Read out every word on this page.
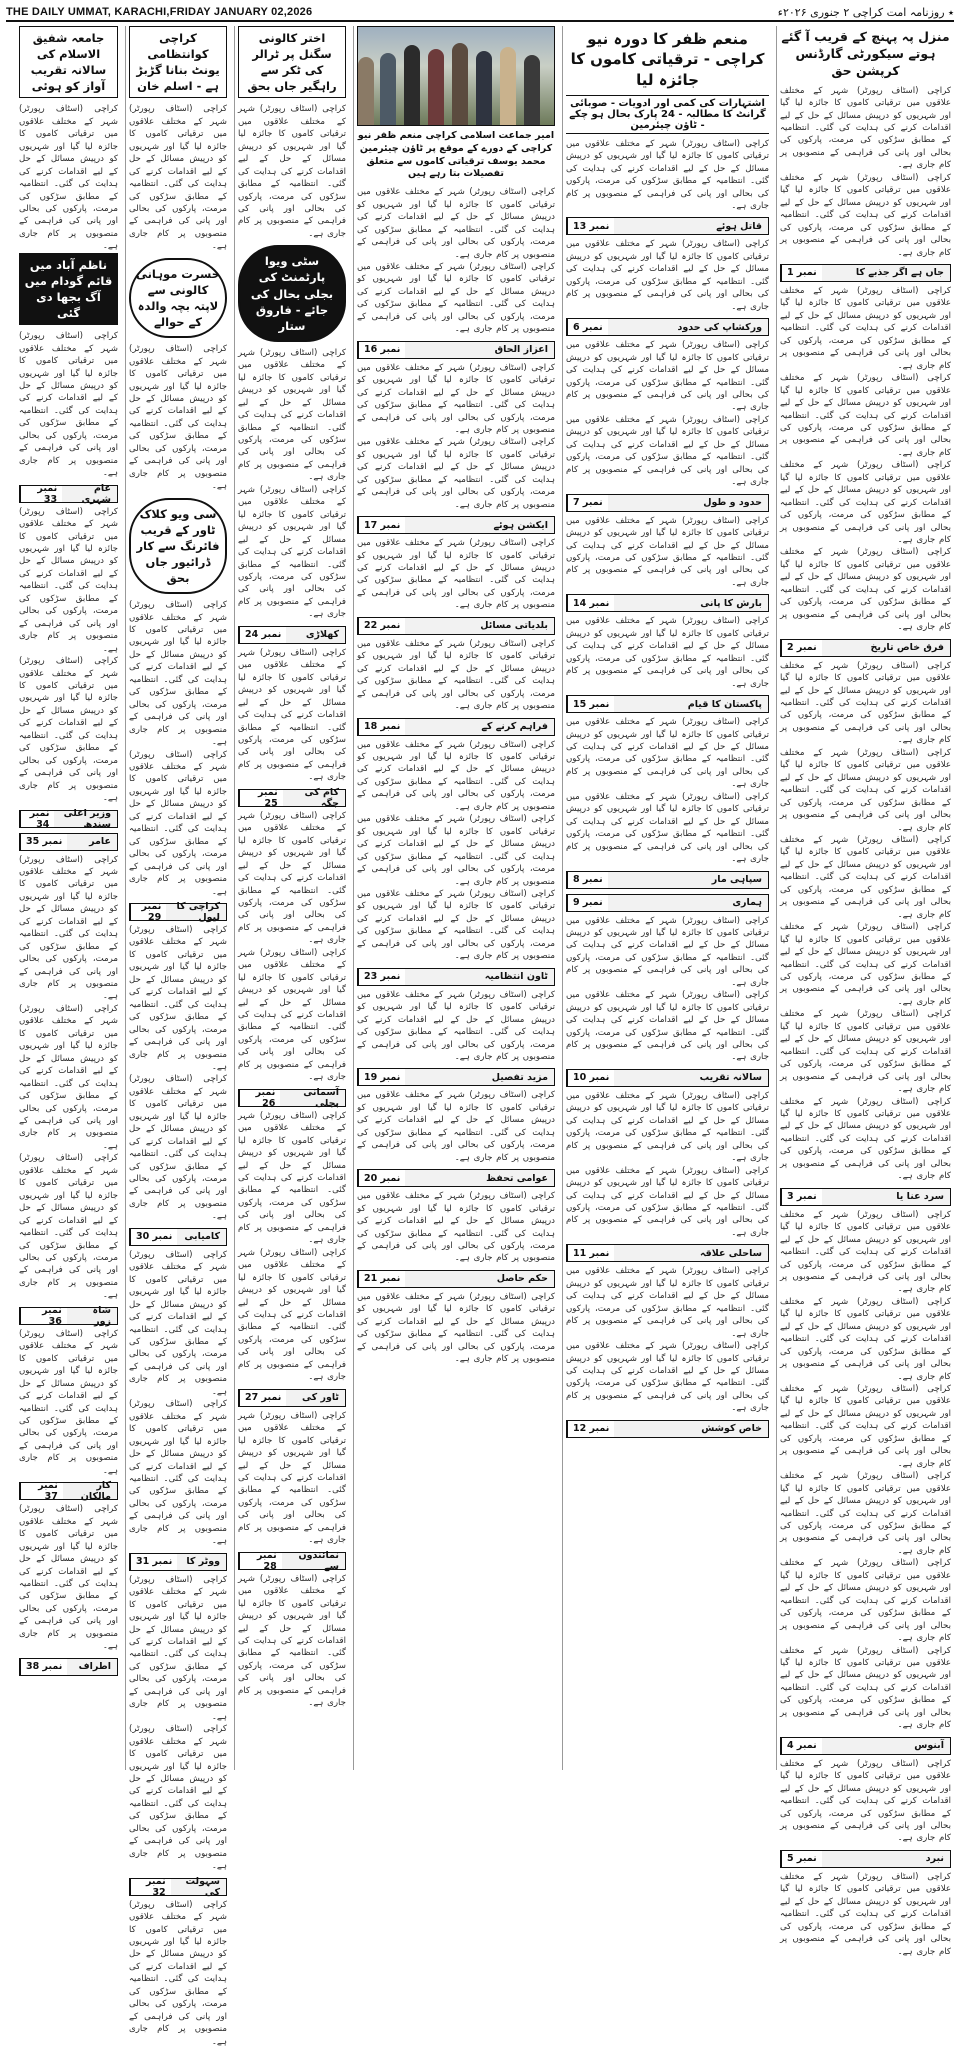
THE DAILY UMMAT, KARACHI,FRIDAY JANUARY 02,2026	٭ روزنامہ امت کراچی ۲ جنوری ۲۰۲۶ء
منزل پہ پہنچ کے قریب آ گئے ہوتے سیکورٹی گارڈنس کرپشن حق
کراچی (اسٹاف رپورٹر) شہر کے مختلف علاقوں میں ترقیاتی کاموں کا جائزہ لیا گیا اور شہریوں کو درپیش مسائل کے حل کے لیے اقدامات کرنے کی ہدایت کی گئی۔ انتظامیہ کے مطابق سڑکوں کی مرمت، پارکوں کی بحالی اور پانی کی فراہمی کے منصوبوں پر کام جاری ہے۔
کراچی (اسٹاف رپورٹر) شہر کے مختلف علاقوں میں ترقیاتی کاموں کا جائزہ لیا گیا اور شہریوں کو درپیش مسائل کے حل کے لیے اقدامات کرنے کی ہدایت کی گئی۔ انتظامیہ کے مطابق سڑکوں کی مرمت، پارکوں کی بحالی اور پانی کی فراہمی کے منصوبوں پر کام جاری ہے۔
نمبر 1	جاں ہے اگر جذبے کا
کراچی (اسٹاف رپورٹر) شہر کے مختلف علاقوں میں ترقیاتی کاموں کا جائزہ لیا گیا اور شہریوں کو درپیش مسائل کے حل کے لیے اقدامات کرنے کی ہدایت کی گئی۔ انتظامیہ کے مطابق سڑکوں کی مرمت، پارکوں کی بحالی اور پانی کی فراہمی کے منصوبوں پر کام جاری ہے۔
کراچی (اسٹاف رپورٹر) شہر کے مختلف علاقوں میں ترقیاتی کاموں کا جائزہ لیا گیا اور شہریوں کو درپیش مسائل کے حل کے لیے اقدامات کرنے کی ہدایت کی گئی۔ انتظامیہ کے مطابق سڑکوں کی مرمت، پارکوں کی بحالی اور پانی کی فراہمی کے منصوبوں پر کام جاری ہے۔
کراچی (اسٹاف رپورٹر) شہر کے مختلف علاقوں میں ترقیاتی کاموں کا جائزہ لیا گیا اور شہریوں کو درپیش مسائل کے حل کے لیے اقدامات کرنے کی ہدایت کی گئی۔ انتظامیہ کے مطابق سڑکوں کی مرمت، پارکوں کی بحالی اور پانی کی فراہمی کے منصوبوں پر کام جاری ہے۔
کراچی (اسٹاف رپورٹر) شہر کے مختلف علاقوں میں ترقیاتی کاموں کا جائزہ لیا گیا اور شہریوں کو درپیش مسائل کے حل کے لیے اقدامات کرنے کی ہدایت کی گئی۔ انتظامیہ کے مطابق سڑکوں کی مرمت، پارکوں کی بحالی اور پانی کی فراہمی کے منصوبوں پر کام جاری ہے۔
نمبر 2	فرق خاص تاریخ
کراچی (اسٹاف رپورٹر) شہر کے مختلف علاقوں میں ترقیاتی کاموں کا جائزہ لیا گیا اور شہریوں کو درپیش مسائل کے حل کے لیے اقدامات کرنے کی ہدایت کی گئی۔ انتظامیہ کے مطابق سڑکوں کی مرمت، پارکوں کی بحالی اور پانی کی فراہمی کے منصوبوں پر کام جاری ہے۔
کراچی (اسٹاف رپورٹر) شہر کے مختلف علاقوں میں ترقیاتی کاموں کا جائزہ لیا گیا اور شہریوں کو درپیش مسائل کے حل کے لیے اقدامات کرنے کی ہدایت کی گئی۔ انتظامیہ کے مطابق سڑکوں کی مرمت، پارکوں کی بحالی اور پانی کی فراہمی کے منصوبوں پر کام جاری ہے۔
کراچی (اسٹاف رپورٹر) شہر کے مختلف علاقوں میں ترقیاتی کاموں کا جائزہ لیا گیا اور شہریوں کو درپیش مسائل کے حل کے لیے اقدامات کرنے کی ہدایت کی گئی۔ انتظامیہ کے مطابق سڑکوں کی مرمت، پارکوں کی بحالی اور پانی کی فراہمی کے منصوبوں پر کام جاری ہے۔
کراچی (اسٹاف رپورٹر) شہر کے مختلف علاقوں میں ترقیاتی کاموں کا جائزہ لیا گیا اور شہریوں کو درپیش مسائل کے حل کے لیے اقدامات کرنے کی ہدایت کی گئی۔ انتظامیہ کے مطابق سڑکوں کی مرمت، پارکوں کی بحالی اور پانی کی فراہمی کے منصوبوں پر کام جاری ہے۔
کراچی (اسٹاف رپورٹر) شہر کے مختلف علاقوں میں ترقیاتی کاموں کا جائزہ لیا گیا اور شہریوں کو درپیش مسائل کے حل کے لیے اقدامات کرنے کی ہدایت کی گئی۔ انتظامیہ کے مطابق سڑکوں کی مرمت، پارکوں کی بحالی اور پانی کی فراہمی کے منصوبوں پر کام جاری ہے۔
کراچی (اسٹاف رپورٹر) شہر کے مختلف علاقوں میں ترقیاتی کاموں کا جائزہ لیا گیا اور شہریوں کو درپیش مسائل کے حل کے لیے اقدامات کرنے کی ہدایت کی گئی۔ انتظامیہ کے مطابق سڑکوں کی مرمت، پارکوں کی بحالی اور پانی کی فراہمی کے منصوبوں پر کام جاری ہے۔
نمبر 3	سرد عنا یا
کراچی (اسٹاف رپورٹر) شہر کے مختلف علاقوں میں ترقیاتی کاموں کا جائزہ لیا گیا اور شہریوں کو درپیش مسائل کے حل کے لیے اقدامات کرنے کی ہدایت کی گئی۔ انتظامیہ کے مطابق سڑکوں کی مرمت، پارکوں کی بحالی اور پانی کی فراہمی کے منصوبوں پر کام جاری ہے۔
کراچی (اسٹاف رپورٹر) شہر کے مختلف علاقوں میں ترقیاتی کاموں کا جائزہ لیا گیا اور شہریوں کو درپیش مسائل کے حل کے لیے اقدامات کرنے کی ہدایت کی گئی۔ انتظامیہ کے مطابق سڑکوں کی مرمت، پارکوں کی بحالی اور پانی کی فراہمی کے منصوبوں پر کام جاری ہے۔
کراچی (اسٹاف رپورٹر) شہر کے مختلف علاقوں میں ترقیاتی کاموں کا جائزہ لیا گیا اور شہریوں کو درپیش مسائل کے حل کے لیے اقدامات کرنے کی ہدایت کی گئی۔ انتظامیہ کے مطابق سڑکوں کی مرمت، پارکوں کی بحالی اور پانی کی فراہمی کے منصوبوں پر کام جاری ہے۔
کراچی (اسٹاف رپورٹر) شہر کے مختلف علاقوں میں ترقیاتی کاموں کا جائزہ لیا گیا اور شہریوں کو درپیش مسائل کے حل کے لیے اقدامات کرنے کی ہدایت کی گئی۔ انتظامیہ کے مطابق سڑکوں کی مرمت، پارکوں کی بحالی اور پانی کی فراہمی کے منصوبوں پر کام جاری ہے۔
کراچی (اسٹاف رپورٹر) شہر کے مختلف علاقوں میں ترقیاتی کاموں کا جائزہ لیا گیا اور شہریوں کو درپیش مسائل کے حل کے لیے اقدامات کرنے کی ہدایت کی گئی۔ انتظامیہ کے مطابق سڑکوں کی مرمت، پارکوں کی بحالی اور پانی کی فراہمی کے منصوبوں پر کام جاری ہے۔
کراچی (اسٹاف رپورٹر) شہر کے مختلف علاقوں میں ترقیاتی کاموں کا جائزہ لیا گیا اور شہریوں کو درپیش مسائل کے حل کے لیے اقدامات کرنے کی ہدایت کی گئی۔ انتظامیہ کے مطابق سڑکوں کی مرمت، پارکوں کی بحالی اور پانی کی فراہمی کے منصوبوں پر کام جاری ہے۔
نمبر 4	آبنوس
کراچی (اسٹاف رپورٹر) شہر کے مختلف علاقوں میں ترقیاتی کاموں کا جائزہ لیا گیا اور شہریوں کو درپیش مسائل کے حل کے لیے اقدامات کرنے کی ہدایت کی گئی۔ انتظامیہ کے مطابق سڑکوں کی مرمت، پارکوں کی بحالی اور پانی کی فراہمی کے منصوبوں پر کام جاری ہے۔
نمبر 5	نبرد
کراچی (اسٹاف رپورٹر) شہر کے مختلف علاقوں میں ترقیاتی کاموں کا جائزہ لیا گیا اور شہریوں کو درپیش مسائل کے حل کے لیے اقدامات کرنے کی ہدایت کی گئی۔ انتظامیہ کے مطابق سڑکوں کی مرمت، پارکوں کی بحالی اور پانی کی فراہمی کے منصوبوں پر کام جاری ہے۔
منعم ظفر کا دورہ نیو کراچی - ترقیاتی کاموں کا جائزہ لیا
اشتہارات کی کمی اور ادویات - صوبائی گرانٹ کا مطالبہ - 24 پارک بحال ہو چکے - ٹاؤن چیئرمین
کراچی (اسٹاف رپورٹر) شہر کے مختلف علاقوں میں ترقیاتی کاموں کا جائزہ لیا گیا اور شہریوں کو درپیش مسائل کے حل کے لیے اقدامات کرنے کی ہدایت کی گئی۔ انتظامیہ کے مطابق سڑکوں کی مرمت، پارکوں کی بحالی اور پانی کی فراہمی کے منصوبوں پر کام جاری ہے۔
نمبر 13	قاتل ہوئے
کراچی (اسٹاف رپورٹر) شہر کے مختلف علاقوں میں ترقیاتی کاموں کا جائزہ لیا گیا اور شہریوں کو درپیش مسائل کے حل کے لیے اقدامات کرنے کی ہدایت کی گئی۔ انتظامیہ کے مطابق سڑکوں کی مرمت، پارکوں کی بحالی اور پانی کی فراہمی کے منصوبوں پر کام جاری ہے۔
نمبر 6	ورکشاپ کی حدود
کراچی (اسٹاف رپورٹر) شہر کے مختلف علاقوں میں ترقیاتی کاموں کا جائزہ لیا گیا اور شہریوں کو درپیش مسائل کے حل کے لیے اقدامات کرنے کی ہدایت کی گئی۔ انتظامیہ کے مطابق سڑکوں کی مرمت، پارکوں کی بحالی اور پانی کی فراہمی کے منصوبوں پر کام جاری ہے۔
کراچی (اسٹاف رپورٹر) شہر کے مختلف علاقوں میں ترقیاتی کاموں کا جائزہ لیا گیا اور شہریوں کو درپیش مسائل کے حل کے لیے اقدامات کرنے کی ہدایت کی گئی۔ انتظامیہ کے مطابق سڑکوں کی مرمت، پارکوں کی بحالی اور پانی کی فراہمی کے منصوبوں پر کام جاری ہے۔
نمبر 7	حدود و طول
کراچی (اسٹاف رپورٹر) شہر کے مختلف علاقوں میں ترقیاتی کاموں کا جائزہ لیا گیا اور شہریوں کو درپیش مسائل کے حل کے لیے اقدامات کرنے کی ہدایت کی گئی۔ انتظامیہ کے مطابق سڑکوں کی مرمت، پارکوں کی بحالی اور پانی کی فراہمی کے منصوبوں پر کام جاری ہے۔
نمبر 14	بارش کا پانی
کراچی (اسٹاف رپورٹر) شہر کے مختلف علاقوں میں ترقیاتی کاموں کا جائزہ لیا گیا اور شہریوں کو درپیش مسائل کے حل کے لیے اقدامات کرنے کی ہدایت کی گئی۔ انتظامیہ کے مطابق سڑکوں کی مرمت، پارکوں کی بحالی اور پانی کی فراہمی کے منصوبوں پر کام جاری ہے۔
نمبر 15	پاکستان کا قیام
کراچی (اسٹاف رپورٹر) شہر کے مختلف علاقوں میں ترقیاتی کاموں کا جائزہ لیا گیا اور شہریوں کو درپیش مسائل کے حل کے لیے اقدامات کرنے کی ہدایت کی گئی۔ انتظامیہ کے مطابق سڑکوں کی مرمت، پارکوں کی بحالی اور پانی کی فراہمی کے منصوبوں پر کام جاری ہے۔
کراچی (اسٹاف رپورٹر) شہر کے مختلف علاقوں میں ترقیاتی کاموں کا جائزہ لیا گیا اور شہریوں کو درپیش مسائل کے حل کے لیے اقدامات کرنے کی ہدایت کی گئی۔ انتظامیہ کے مطابق سڑکوں کی مرمت، پارکوں کی بحالی اور پانی کی فراہمی کے منصوبوں پر کام جاری ہے۔
نمبر 8	سپاہی مار
نمبر 9	ہماری
کراچی (اسٹاف رپورٹر) شہر کے مختلف علاقوں میں ترقیاتی کاموں کا جائزہ لیا گیا اور شہریوں کو درپیش مسائل کے حل کے لیے اقدامات کرنے کی ہدایت کی گئی۔ انتظامیہ کے مطابق سڑکوں کی مرمت، پارکوں کی بحالی اور پانی کی فراہمی کے منصوبوں پر کام جاری ہے۔
کراچی (اسٹاف رپورٹر) شہر کے مختلف علاقوں میں ترقیاتی کاموں کا جائزہ لیا گیا اور شہریوں کو درپیش مسائل کے حل کے لیے اقدامات کرنے کی ہدایت کی گئی۔ انتظامیہ کے مطابق سڑکوں کی مرمت، پارکوں کی بحالی اور پانی کی فراہمی کے منصوبوں پر کام جاری ہے۔
نمبر 10	سالانہ تقریب
کراچی (اسٹاف رپورٹر) شہر کے مختلف علاقوں میں ترقیاتی کاموں کا جائزہ لیا گیا اور شہریوں کو درپیش مسائل کے حل کے لیے اقدامات کرنے کی ہدایت کی گئی۔ انتظامیہ کے مطابق سڑکوں کی مرمت، پارکوں کی بحالی اور پانی کی فراہمی کے منصوبوں پر کام جاری ہے۔
کراچی (اسٹاف رپورٹر) شہر کے مختلف علاقوں میں ترقیاتی کاموں کا جائزہ لیا گیا اور شہریوں کو درپیش مسائل کے حل کے لیے اقدامات کرنے کی ہدایت کی گئی۔ انتظامیہ کے مطابق سڑکوں کی مرمت، پارکوں کی بحالی اور پانی کی فراہمی کے منصوبوں پر کام جاری ہے۔
نمبر 11	ساحلی علاقہ
کراچی (اسٹاف رپورٹر) شہر کے مختلف علاقوں میں ترقیاتی کاموں کا جائزہ لیا گیا اور شہریوں کو درپیش مسائل کے حل کے لیے اقدامات کرنے کی ہدایت کی گئی۔ انتظامیہ کے مطابق سڑکوں کی مرمت، پارکوں کی بحالی اور پانی کی فراہمی کے منصوبوں پر کام جاری ہے۔
کراچی (اسٹاف رپورٹر) شہر کے مختلف علاقوں میں ترقیاتی کاموں کا جائزہ لیا گیا اور شہریوں کو درپیش مسائل کے حل کے لیے اقدامات کرنے کی ہدایت کی گئی۔ انتظامیہ کے مطابق سڑکوں کی مرمت، پارکوں کی بحالی اور پانی کی فراہمی کے منصوبوں پر کام جاری ہے۔
نمبر 12	خاص کوشش
امیر جماعت اسلامی کراچی منعم ظفر نیو کراچی کے دورے کے موقع پر ٹاؤن چیئرمین محمد یوسف ترقیاتی کاموں سے متعلق تفصیلات بتا رہے ہیں
کراچی (اسٹاف رپورٹر) شہر کے مختلف علاقوں میں ترقیاتی کاموں کا جائزہ لیا گیا اور شہریوں کو درپیش مسائل کے حل کے لیے اقدامات کرنے کی ہدایت کی گئی۔ انتظامیہ کے مطابق سڑکوں کی مرمت، پارکوں کی بحالی اور پانی کی فراہمی کے منصوبوں پر کام جاری ہے۔
کراچی (اسٹاف رپورٹر) شہر کے مختلف علاقوں میں ترقیاتی کاموں کا جائزہ لیا گیا اور شہریوں کو درپیش مسائل کے حل کے لیے اقدامات کرنے کی ہدایت کی گئی۔ انتظامیہ کے مطابق سڑکوں کی مرمت، پارکوں کی بحالی اور پانی کی فراہمی کے منصوبوں پر کام جاری ہے۔
نمبر 16	اعزاز الحاق
کراچی (اسٹاف رپورٹر) شہر کے مختلف علاقوں میں ترقیاتی کاموں کا جائزہ لیا گیا اور شہریوں کو درپیش مسائل کے حل کے لیے اقدامات کرنے کی ہدایت کی گئی۔ انتظامیہ کے مطابق سڑکوں کی مرمت، پارکوں کی بحالی اور پانی کی فراہمی کے منصوبوں پر کام جاری ہے۔
کراچی (اسٹاف رپورٹر) شہر کے مختلف علاقوں میں ترقیاتی کاموں کا جائزہ لیا گیا اور شہریوں کو درپیش مسائل کے حل کے لیے اقدامات کرنے کی ہدایت کی گئی۔ انتظامیہ کے مطابق سڑکوں کی مرمت، پارکوں کی بحالی اور پانی کی فراہمی کے منصوبوں پر کام جاری ہے۔
نمبر 17	ایکشن ہوئے
کراچی (اسٹاف رپورٹر) شہر کے مختلف علاقوں میں ترقیاتی کاموں کا جائزہ لیا گیا اور شہریوں کو درپیش مسائل کے حل کے لیے اقدامات کرنے کی ہدایت کی گئی۔ انتظامیہ کے مطابق سڑکوں کی مرمت، پارکوں کی بحالی اور پانی کی فراہمی کے منصوبوں پر کام جاری ہے۔
نمبر 22	بلدیاتی مسائل
کراچی (اسٹاف رپورٹر) شہر کے مختلف علاقوں میں ترقیاتی کاموں کا جائزہ لیا گیا اور شہریوں کو درپیش مسائل کے حل کے لیے اقدامات کرنے کی ہدایت کی گئی۔ انتظامیہ کے مطابق سڑکوں کی مرمت، پارکوں کی بحالی اور پانی کی فراہمی کے منصوبوں پر کام جاری ہے۔
نمبر 18	فراہم کرنے کے
کراچی (اسٹاف رپورٹر) شہر کے مختلف علاقوں میں ترقیاتی کاموں کا جائزہ لیا گیا اور شہریوں کو درپیش مسائل کے حل کے لیے اقدامات کرنے کی ہدایت کی گئی۔ انتظامیہ کے مطابق سڑکوں کی مرمت، پارکوں کی بحالی اور پانی کی فراہمی کے منصوبوں پر کام جاری ہے۔
کراچی (اسٹاف رپورٹر) شہر کے مختلف علاقوں میں ترقیاتی کاموں کا جائزہ لیا گیا اور شہریوں کو درپیش مسائل کے حل کے لیے اقدامات کرنے کی ہدایت کی گئی۔ انتظامیہ کے مطابق سڑکوں کی مرمت، پارکوں کی بحالی اور پانی کی فراہمی کے منصوبوں پر کام جاری ہے۔
کراچی (اسٹاف رپورٹر) شہر کے مختلف علاقوں میں ترقیاتی کاموں کا جائزہ لیا گیا اور شہریوں کو درپیش مسائل کے حل کے لیے اقدامات کرنے کی ہدایت کی گئی۔ انتظامیہ کے مطابق سڑکوں کی مرمت، پارکوں کی بحالی اور پانی کی فراہمی کے منصوبوں پر کام جاری ہے۔
نمبر 23	ٹاون انتظامیہ
کراچی (اسٹاف رپورٹر) شہر کے مختلف علاقوں میں ترقیاتی کاموں کا جائزہ لیا گیا اور شہریوں کو درپیش مسائل کے حل کے لیے اقدامات کرنے کی ہدایت کی گئی۔ انتظامیہ کے مطابق سڑکوں کی مرمت، پارکوں کی بحالی اور پانی کی فراہمی کے منصوبوں پر کام جاری ہے۔
نمبر 19	مزید تفصیل
کراچی (اسٹاف رپورٹر) شہر کے مختلف علاقوں میں ترقیاتی کاموں کا جائزہ لیا گیا اور شہریوں کو درپیش مسائل کے حل کے لیے اقدامات کرنے کی ہدایت کی گئی۔ انتظامیہ کے مطابق سڑکوں کی مرمت، پارکوں کی بحالی اور پانی کی فراہمی کے منصوبوں پر کام جاری ہے۔
نمبر 20	عوامی تحفظ
کراچی (اسٹاف رپورٹر) شہر کے مختلف علاقوں میں ترقیاتی کاموں کا جائزہ لیا گیا اور شہریوں کو درپیش مسائل کے حل کے لیے اقدامات کرنے کی ہدایت کی گئی۔ انتظامیہ کے مطابق سڑکوں کی مرمت، پارکوں کی بحالی اور پانی کی فراہمی کے منصوبوں پر کام جاری ہے۔
نمبر 21	حکم حاصل
کراچی (اسٹاف رپورٹر) شہر کے مختلف علاقوں میں ترقیاتی کاموں کا جائزہ لیا گیا اور شہریوں کو درپیش مسائل کے حل کے لیے اقدامات کرنے کی ہدایت کی گئی۔ انتظامیہ کے مطابق سڑکوں کی مرمت، پارکوں کی بحالی اور پانی کی فراہمی کے منصوبوں پر کام جاری ہے۔
اختر کالونی سگنل پر ٹرالر کی ٹکر سے راہگیر جاں بحق
کراچی (اسٹاف رپورٹر) شہر کے مختلف علاقوں میں ترقیاتی کاموں کا جائزہ لیا گیا اور شہریوں کو درپیش مسائل کے حل کے لیے اقدامات کرنے کی ہدایت کی گئی۔ انتظامیہ کے مطابق سڑکوں کی مرمت، پارکوں کی بحالی اور پانی کی فراہمی کے منصوبوں پر کام جاری ہے۔
سٹی ویوا پارٹمنٹ کی بجلی بحال کی جائے - فاروق ستار
کراچی (اسٹاف رپورٹر) شہر کے مختلف علاقوں میں ترقیاتی کاموں کا جائزہ لیا گیا اور شہریوں کو درپیش مسائل کے حل کے لیے اقدامات کرنے کی ہدایت کی گئی۔ انتظامیہ کے مطابق سڑکوں کی مرمت، پارکوں کی بحالی اور پانی کی فراہمی کے منصوبوں پر کام جاری ہے۔
کراچی (اسٹاف رپورٹر) شہر کے مختلف علاقوں میں ترقیاتی کاموں کا جائزہ لیا گیا اور شہریوں کو درپیش مسائل کے حل کے لیے اقدامات کرنے کی ہدایت کی گئی۔ انتظامیہ کے مطابق سڑکوں کی مرمت، پارکوں کی بحالی اور پانی کی فراہمی کے منصوبوں پر کام جاری ہے۔
نمبر 24	کھلاڑی
کراچی (اسٹاف رپورٹر) شہر کے مختلف علاقوں میں ترقیاتی کاموں کا جائزہ لیا گیا اور شہریوں کو درپیش مسائل کے حل کے لیے اقدامات کرنے کی ہدایت کی گئی۔ انتظامیہ کے مطابق سڑکوں کی مرمت، پارکوں کی بحالی اور پانی کی فراہمی کے منصوبوں پر کام جاری ہے۔
نمبر 25
کام کی جگہ
کراچی (اسٹاف رپورٹر) شہر کے مختلف علاقوں میں ترقیاتی کاموں کا جائزہ لیا گیا اور شہریوں کو درپیش مسائل کے حل کے لیے اقدامات کرنے کی ہدایت کی گئی۔ انتظامیہ کے مطابق سڑکوں کی مرمت، پارکوں کی بحالی اور پانی کی فراہمی کے منصوبوں پر کام جاری ہے۔
کراچی (اسٹاف رپورٹر) شہر کے مختلف علاقوں میں ترقیاتی کاموں کا جائزہ لیا گیا اور شہریوں کو درپیش مسائل کے حل کے لیے اقدامات کرنے کی ہدایت کی گئی۔ انتظامیہ کے مطابق سڑکوں کی مرمت، پارکوں کی بحالی اور پانی کی فراہمی کے منصوبوں پر کام جاری ہے۔
نمبر 26
آسمانی بجلی
کراچی (اسٹاف رپورٹر) شہر کے مختلف علاقوں میں ترقیاتی کاموں کا جائزہ لیا گیا اور شہریوں کو درپیش مسائل کے حل کے لیے اقدامات کرنے کی ہدایت کی گئی۔ انتظامیہ کے مطابق سڑکوں کی مرمت، پارکوں کی بحالی اور پانی کی فراہمی کے منصوبوں پر کام جاری ہے۔
کراچی (اسٹاف رپورٹر) شہر کے مختلف علاقوں میں ترقیاتی کاموں کا جائزہ لیا گیا اور شہریوں کو درپیش مسائل کے حل کے لیے اقدامات کرنے کی ہدایت کی گئی۔ انتظامیہ کے مطابق سڑکوں کی مرمت، پارکوں کی بحالی اور پانی کی فراہمی کے منصوبوں پر کام جاری ہے۔
نمبر 27	ٹاور کی
کراچی (اسٹاف رپورٹر) شہر کے مختلف علاقوں میں ترقیاتی کاموں کا جائزہ لیا گیا اور شہریوں کو درپیش مسائل کے حل کے لیے اقدامات کرنے کی ہدایت کی گئی۔ انتظامیہ کے مطابق سڑکوں کی مرمت، پارکوں کی بحالی اور پانی کی فراہمی کے منصوبوں پر کام جاری ہے۔
نمبر 28
نمائندوں سے
کراچی (اسٹاف رپورٹر) شہر کے مختلف علاقوں میں ترقیاتی کاموں کا جائزہ لیا گیا اور شہریوں کو درپیش مسائل کے حل کے لیے اقدامات کرنے کی ہدایت کی گئی۔ انتظامیہ کے مطابق سڑکوں کی مرمت، پارکوں کی بحالی اور پانی کی فراہمی کے منصوبوں پر کام جاری ہے۔
کراچی کوانتظامی یونٹ بنانا گڑبڑ ہے - اسلم خان
کراچی (اسٹاف رپورٹر) شہر کے مختلف علاقوں میں ترقیاتی کاموں کا جائزہ لیا گیا اور شہریوں کو درپیش مسائل کے حل کے لیے اقدامات کرنے کی ہدایت کی گئی۔ انتظامیہ کے مطابق سڑکوں کی مرمت، پارکوں کی بحالی اور پانی کی فراہمی کے منصوبوں پر کام جاری ہے۔
حسرت موہانی کالونی سے لاپتہ بچہ والدہ کے حوالے
کراچی (اسٹاف رپورٹر) شہر کے مختلف علاقوں میں ترقیاتی کاموں کا جائزہ لیا گیا اور شہریوں کو درپیش مسائل کے حل کے لیے اقدامات کرنے کی ہدایت کی گئی۔ انتظامیہ کے مطابق سڑکوں کی مرمت، پارکوں کی بحالی اور پانی کی فراہمی کے منصوبوں پر کام جاری ہے۔
سی ویو کلاک ٹاور کے قریب فائرنگ سے کار ڈرائیور جاں بحق
کراچی (اسٹاف رپورٹر) شہر کے مختلف علاقوں میں ترقیاتی کاموں کا جائزہ لیا گیا اور شہریوں کو درپیش مسائل کے حل کے لیے اقدامات کرنے کی ہدایت کی گئی۔ انتظامیہ کے مطابق سڑکوں کی مرمت، پارکوں کی بحالی اور پانی کی فراہمی کے منصوبوں پر کام جاری ہے۔
کراچی (اسٹاف رپورٹر) شہر کے مختلف علاقوں میں ترقیاتی کاموں کا جائزہ لیا گیا اور شہریوں کو درپیش مسائل کے حل کے لیے اقدامات کرنے کی ہدایت کی گئی۔ انتظامیہ کے مطابق سڑکوں کی مرمت، پارکوں کی بحالی اور پانی کی فراہمی کے منصوبوں پر کام جاری ہے۔
نمبر 29
کراچی کا لیول
کراچی (اسٹاف رپورٹر) شہر کے مختلف علاقوں میں ترقیاتی کاموں کا جائزہ لیا گیا اور شہریوں کو درپیش مسائل کے حل کے لیے اقدامات کرنے کی ہدایت کی گئی۔ انتظامیہ کے مطابق سڑکوں کی مرمت، پارکوں کی بحالی اور پانی کی فراہمی کے منصوبوں پر کام جاری ہے۔
کراچی (اسٹاف رپورٹر) شہر کے مختلف علاقوں میں ترقیاتی کاموں کا جائزہ لیا گیا اور شہریوں کو درپیش مسائل کے حل کے لیے اقدامات کرنے کی ہدایت کی گئی۔ انتظامیہ کے مطابق سڑکوں کی مرمت، پارکوں کی بحالی اور پانی کی فراہمی کے منصوبوں پر کام جاری ہے۔
نمبر 30	کامیابی
کراچی (اسٹاف رپورٹر) شہر کے مختلف علاقوں میں ترقیاتی کاموں کا جائزہ لیا گیا اور شہریوں کو درپیش مسائل کے حل کے لیے اقدامات کرنے کی ہدایت کی گئی۔ انتظامیہ کے مطابق سڑکوں کی مرمت، پارکوں کی بحالی اور پانی کی فراہمی کے منصوبوں پر کام جاری ہے۔
کراچی (اسٹاف رپورٹر) شہر کے مختلف علاقوں میں ترقیاتی کاموں کا جائزہ لیا گیا اور شہریوں کو درپیش مسائل کے حل کے لیے اقدامات کرنے کی ہدایت کی گئی۔ انتظامیہ کے مطابق سڑکوں کی مرمت، پارکوں کی بحالی اور پانی کی فراہمی کے منصوبوں پر کام جاری ہے۔
نمبر 31	ووٹر کا
کراچی (اسٹاف رپورٹر) شہر کے مختلف علاقوں میں ترقیاتی کاموں کا جائزہ لیا گیا اور شہریوں کو درپیش مسائل کے حل کے لیے اقدامات کرنے کی ہدایت کی گئی۔ انتظامیہ کے مطابق سڑکوں کی مرمت، پارکوں کی بحالی اور پانی کی فراہمی کے منصوبوں پر کام جاری ہے۔
کراچی (اسٹاف رپورٹر) شہر کے مختلف علاقوں میں ترقیاتی کاموں کا جائزہ لیا گیا اور شہریوں کو درپیش مسائل کے حل کے لیے اقدامات کرنے کی ہدایت کی گئی۔ انتظامیہ کے مطابق سڑکوں کی مرمت، پارکوں کی بحالی اور پانی کی فراہمی کے منصوبوں پر کام جاری ہے۔
نمبر 32
سہولت کی
کراچی (اسٹاف رپورٹر) شہر کے مختلف علاقوں میں ترقیاتی کاموں کا جائزہ لیا گیا اور شہریوں کو درپیش مسائل کے حل کے لیے اقدامات کرنے کی ہدایت کی گئی۔ انتظامیہ کے مطابق سڑکوں کی مرمت، پارکوں کی بحالی اور پانی کی فراہمی کے منصوبوں پر کام جاری ہے۔
جامعہ شفیق الاسلام کی سالانہ تقریب آواز کو ہوئی
کراچی (اسٹاف رپورٹر) شہر کے مختلف علاقوں میں ترقیاتی کاموں کا جائزہ لیا گیا اور شہریوں کو درپیش مسائل کے حل کے لیے اقدامات کرنے کی ہدایت کی گئی۔ انتظامیہ کے مطابق سڑکوں کی مرمت، پارکوں کی بحالی اور پانی کی فراہمی کے منصوبوں پر کام جاری ہے۔
ناظم آباد میں قائم گودام میں آگ بجھا دی گئی
کراچی (اسٹاف رپورٹر) شہر کے مختلف علاقوں میں ترقیاتی کاموں کا جائزہ لیا گیا اور شہریوں کو درپیش مسائل کے حل کے لیے اقدامات کرنے کی ہدایت کی گئی۔ انتظامیہ کے مطابق سڑکوں کی مرمت، پارکوں کی بحالی اور پانی کی فراہمی کے منصوبوں پر کام جاری ہے۔
نمبر 33
عام شہری
کراچی (اسٹاف رپورٹر) شہر کے مختلف علاقوں میں ترقیاتی کاموں کا جائزہ لیا گیا اور شہریوں کو درپیش مسائل کے حل کے لیے اقدامات کرنے کی ہدایت کی گئی۔ انتظامیہ کے مطابق سڑکوں کی مرمت، پارکوں کی بحالی اور پانی کی فراہمی کے منصوبوں پر کام جاری ہے۔
کراچی (اسٹاف رپورٹر) شہر کے مختلف علاقوں میں ترقیاتی کاموں کا جائزہ لیا گیا اور شہریوں کو درپیش مسائل کے حل کے لیے اقدامات کرنے کی ہدایت کی گئی۔ انتظامیہ کے مطابق سڑکوں کی مرمت، پارکوں کی بحالی اور پانی کی فراہمی کے منصوبوں پر کام جاری ہے۔
نمبر 34
وزیر اعلی سندھ
نمبر 35	عامر
کراچی (اسٹاف رپورٹر) شہر کے مختلف علاقوں میں ترقیاتی کاموں کا جائزہ لیا گیا اور شہریوں کو درپیش مسائل کے حل کے لیے اقدامات کرنے کی ہدایت کی گئی۔ انتظامیہ کے مطابق سڑکوں کی مرمت، پارکوں کی بحالی اور پانی کی فراہمی کے منصوبوں پر کام جاری ہے۔
کراچی (اسٹاف رپورٹر) شہر کے مختلف علاقوں میں ترقیاتی کاموں کا جائزہ لیا گیا اور شہریوں کو درپیش مسائل کے حل کے لیے اقدامات کرنے کی ہدایت کی گئی۔ انتظامیہ کے مطابق سڑکوں کی مرمت، پارکوں کی بحالی اور پانی کی فراہمی کے منصوبوں پر کام جاری ہے۔
کراچی (اسٹاف رپورٹر) شہر کے مختلف علاقوں میں ترقیاتی کاموں کا جائزہ لیا گیا اور شہریوں کو درپیش مسائل کے حل کے لیے اقدامات کرنے کی ہدایت کی گئی۔ انتظامیہ کے مطابق سڑکوں کی مرمت، پارکوں کی بحالی اور پانی کی فراہمی کے منصوبوں پر کام جاری ہے۔
نمبر 36
شاہ زور
کراچی (اسٹاف رپورٹر) شہر کے مختلف علاقوں میں ترقیاتی کاموں کا جائزہ لیا گیا اور شہریوں کو درپیش مسائل کے حل کے لیے اقدامات کرنے کی ہدایت کی گئی۔ انتظامیہ کے مطابق سڑکوں کی مرمت، پارکوں کی بحالی اور پانی کی فراہمی کے منصوبوں پر کام جاری ہے۔
نمبر 37
کار مالکان
کراچی (اسٹاف رپورٹر) شہر کے مختلف علاقوں میں ترقیاتی کاموں کا جائزہ لیا گیا اور شہریوں کو درپیش مسائل کے حل کے لیے اقدامات کرنے کی ہدایت کی گئی۔ انتظامیہ کے مطابق سڑکوں کی مرمت، پارکوں کی بحالی اور پانی کی فراہمی کے منصوبوں پر کام جاری ہے۔
نمبر 38	اطراف
